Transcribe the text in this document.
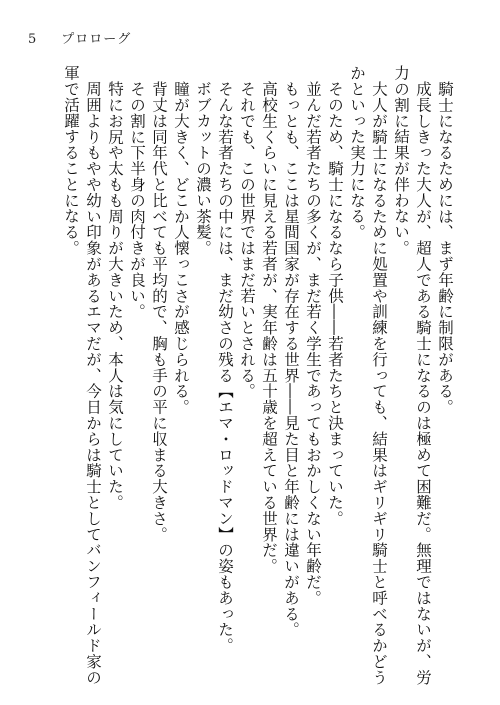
5 プロローグ

騎士になるためには、まず年齢に制限がある。

成長しきった大人が、超人である騎士になるのは極めて困難だ。無理ではないが、労力の割に結果が伴わない。

大人が騎士になるために処置や訓練を行っても、結果はギリギリ騎士と呼べるかどうかといった実力になる。

そのため、騎士になるなら子供――若者たちと決まっていた。

並んだ若者たちの多くが、まだ若く学生であってもおかしくない年齢だ。

もっとも、ここは星間国家が存在する世界――見た目と年齢には違いがある。

高校生くらいに見える若者が、実年齢は五十歳を超えている世界だ。

それでも、この世界ではまだ若いとされる。

そんな若者たちの中には、まだ幼さの残る【エマ・ロッドマン】の姿もあった。

ボブカットの濃い茶髪。

瞳が大きく、どこか人懐っこさが感じられる。

背丈は同年代と比べても平均的で、胸も手の平に収まる大きさ。

その割に下半身の肉付きが良い。

特にお尻や太もも周りが大きいため、本人は気にしていた。

周囲よりもやや幼い印象があるエマだが、今日からは騎士としてバンフィールド家の軍で活躍することになる。
